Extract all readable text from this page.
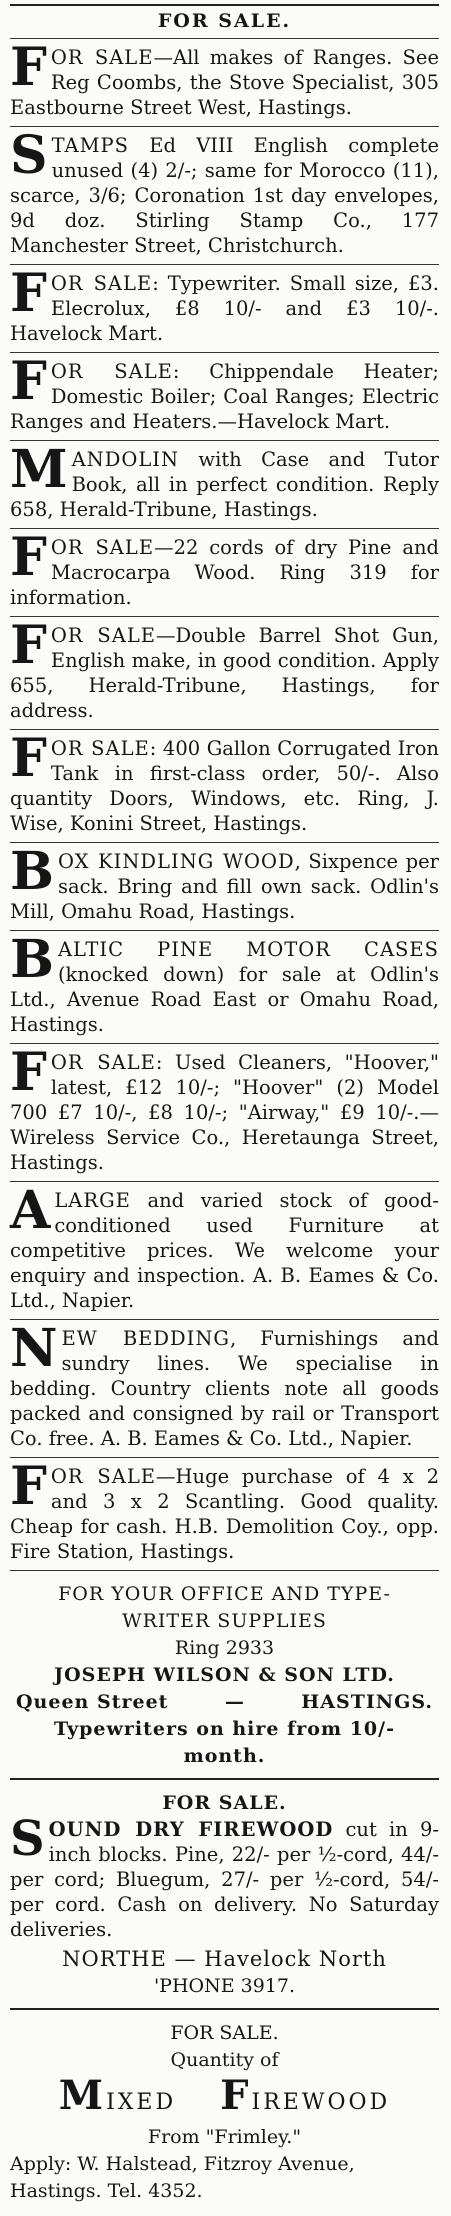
FOR SALE.
FOR SALE—All makes of Ranges. See Reg Coombs, the Stove Specialist, 305 Eastbourne Street West, Hastings.
STAMPS Ed VIII English complete unused (4) 2/-; same for Morocco (11), scarce, 3/6; Coronation 1st day envelopes, 9d doz. Stirling Stamp Co., 177 Manchester Street, Christchurch.
FOR SALE: Typewriter. Small size, £3. Elecrolux, £8 10/- and £3 10/-. Havelock Mart.
FOR SALE: Chippendale Heater; Domestic Boiler; Coal Ranges; Electric Ranges and Heaters.—Havelock Mart.
MANDOLIN with Case and Tutor Book, all in perfect condition. Reply 658, Herald-Tribune, Hastings.
FOR SALE—22 cords of dry Pine and Macrocarpa Wood. Ring 319 for information.
FOR SALE—Double Barrel Shot Gun, English make, in good condition. Apply 655, Herald-Tribune, Hastings, for address.
FOR SALE: 400 Gallon Corrugated Iron Tank in first-class order, 50/-. Also quantity Doors, Windows, etc. Ring, J. Wise, Konini Street, Hastings.
BOX KINDLING WOOD, Sixpence per sack. Bring and fill own sack. Odlin's Mill, Omahu Road, Hastings.
BALTIC PINE MOTOR CASES (knocked down) for sale at Odlin's Ltd., Avenue Road East or Omahu Road, Hastings.
FOR SALE: Used Cleaners, "Hoover," latest, £12 10/-; "Hoover" (2) Model 700 £7 10/-, £8 10/-; "Airway," £9 10/-.—Wireless Service Co., Heretaunga Street, Hastings.
A LARGE and varied stock of good-conditioned used Furniture at competitive prices. We welcome your enquiry and inspection. A. B. Eames & Co. Ltd., Napier.
NEW BEDDING, Furnishings and sundry lines. We specialise in bedding. Country clients note all goods packed and consigned by rail or Transport Co. free. A. B. Eames & Co. Ltd., Napier.
FOR SALE—Huge purchase of 4 x 2 and 3 x 2 Scantling. Good quality. Cheap for cash. H.B. Demolition Coy., opp. Fire Station, Hastings.
FOR YOUR OFFICE AND TYPE-
WRITER SUPPLIES
Ring 2933
JOSEPH WILSON & SON LTD.
Queen Street	—	HASTINGS.
Typewriters on hire from 10/- month.
FOR SALE.
SOUND DRY FIREWOOD cut in 9-inch blocks. Pine, 22/- per ½-cord, 44/- per cord; Bluegum, 27/- per ½-cord, 54/- per cord. Cash on delivery. No Saturday deliveries.
NORTHE — Havelock North
'PHONE 3917.
FOR SALE.
Quantity of
MIXED FIREWOOD
From "Frimley."
Apply: W. Halstead, Fitzroy Avenue, Hastings. Tel. 4352.
